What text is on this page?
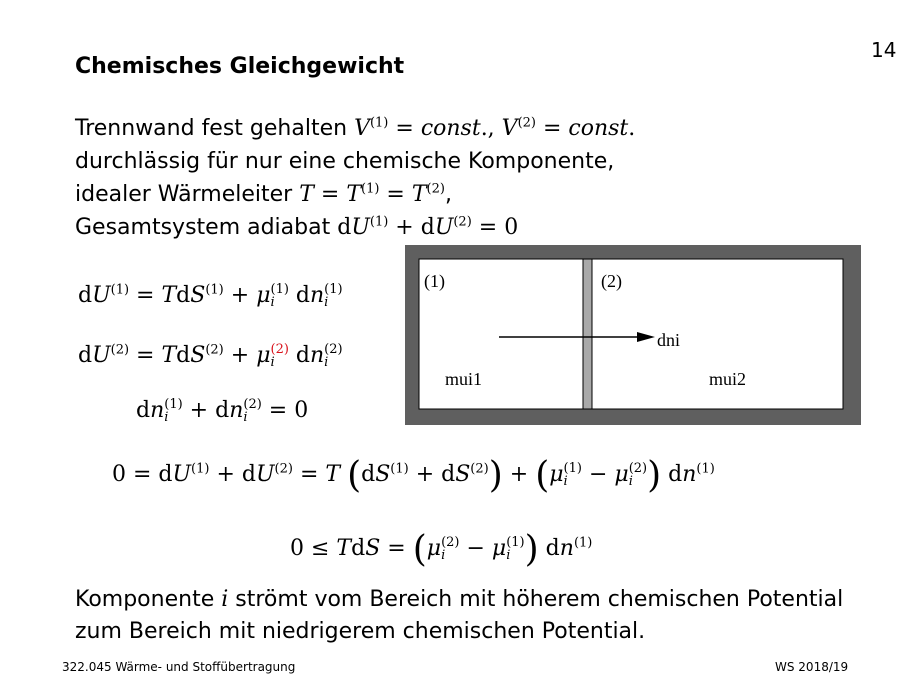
14
Chemisches Gleichgewicht
Trennwand fest gehalten $V^{(1)}$ = const., $V^{(2)}$ = const.
durchlässig für nur eine chemische Komponente,
idealer Wärmeleiter $T = T^{(1)} = T^{(2)}$,
Gesamtsystem adiabat $dU^{(1)} + dU^{(2)} = 0$
$dU^{(1)} = TdS^{(1)} + \mu$ (1)
i dn (1)
i
$dU^{(2)} = TdS^{(2)} + \mu$ (2)
i dn (2)
i
dn (1)
i + dn (2)
i = 0
(1)	(2)
dni
mui1	mui2
$0 = dU^{(1)} + dU^{(2)} = T$ $(dS^{(1)} + dS^{(2)}) + (\mu$ (1)
i − μ (2)
i ) $dn^{(1)}$
0 ≤ TdS = (μ (2)
i − μ (1)
i ) $dn^{(1)}$
Komponente i strömt vom Bereich mit höherem chemischen Potential
zum Bereich mit niedrigerem chemischen Potential.
322.045 Wärme- und Stoffübertragung	WS 2018/19
